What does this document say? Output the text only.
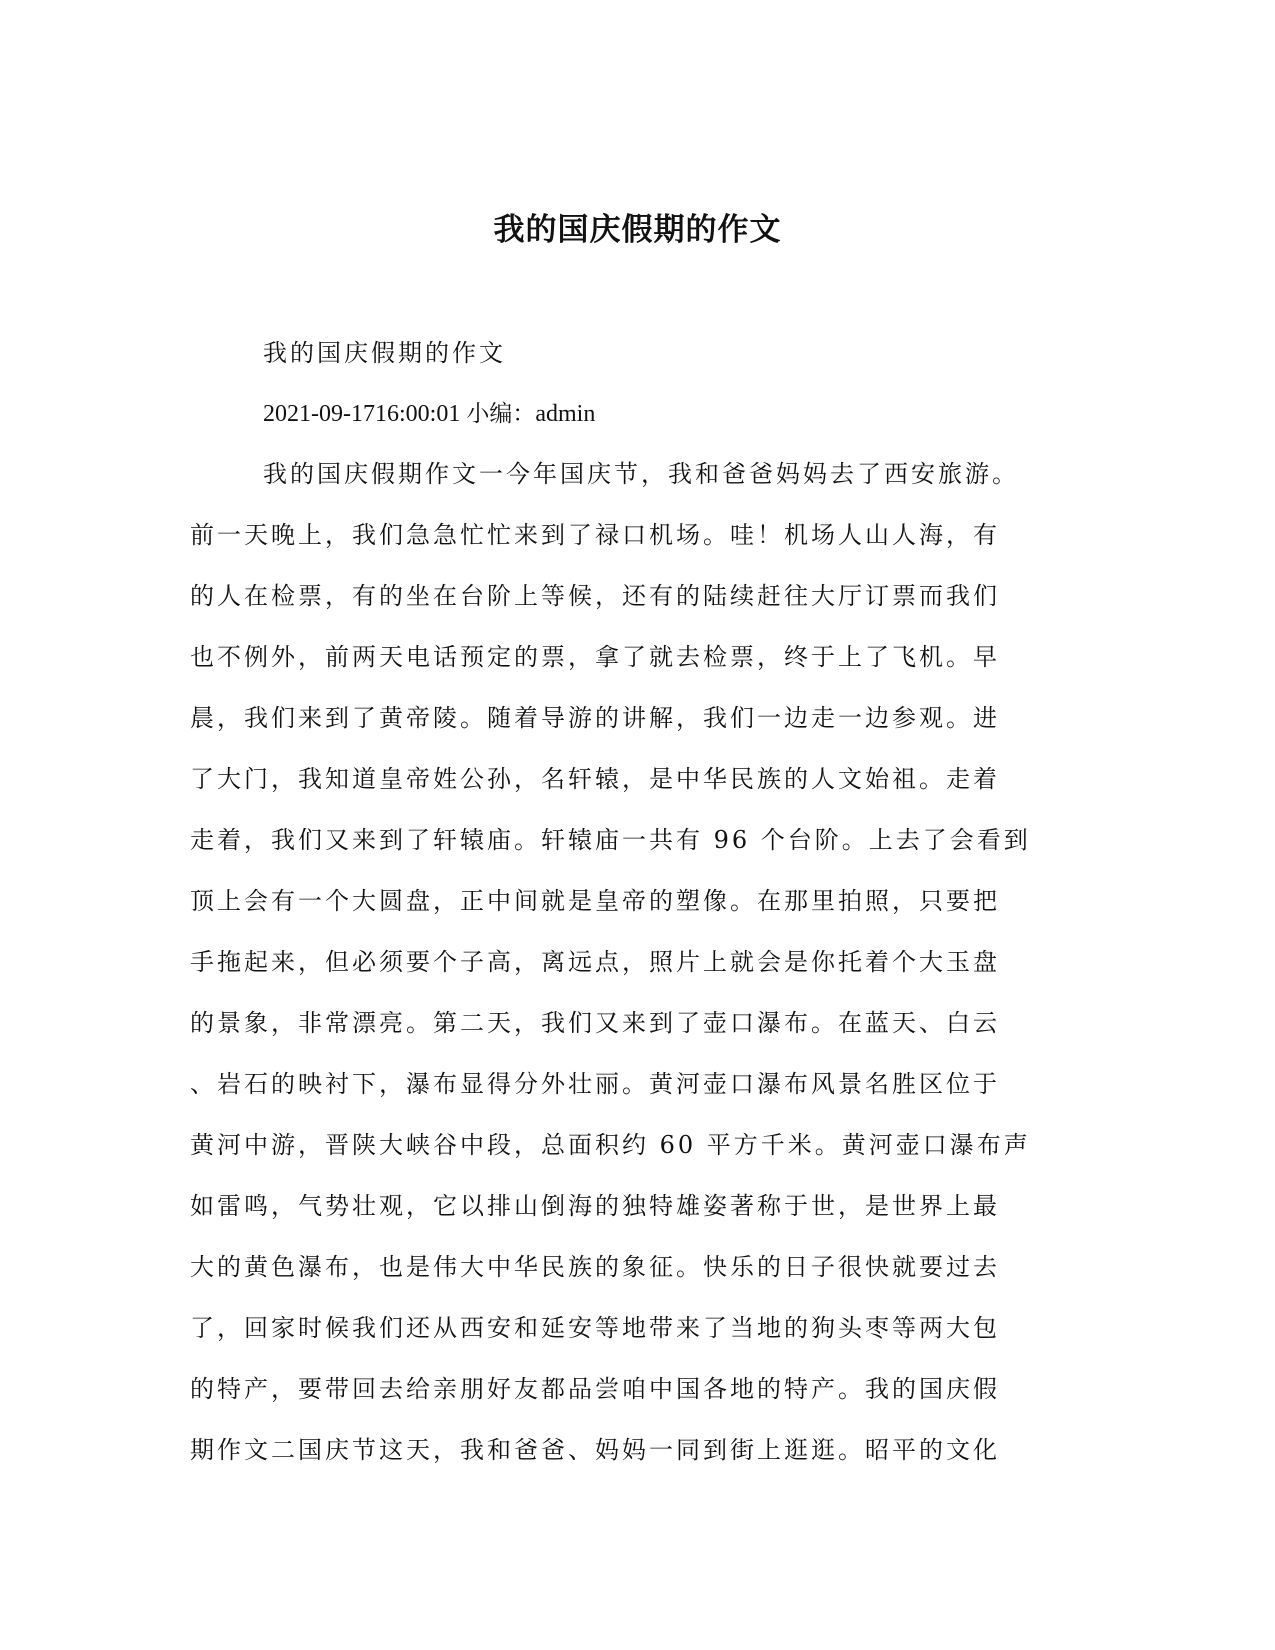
我的国庆假期的作文
我的国庆假期的作文
2021-09-1716:00:01 小编：admin
我的国庆假期作文一今年国庆节，我和爸爸妈妈去了西安旅游。
前一天晚上，我们急急忙忙来到了禄口机场。哇！机场人山人海，有
的人在检票，有的坐在台阶上等候，还有的陆续赶往大厅订票而我们
也不例外，前两天电话预定的票，拿了就去检票，终于上了飞机。早
晨，我们来到了黄帝陵。随着导游的讲解，我们一边走一边参观。进
了大门，我知道皇帝姓公孙，名轩辕，是中华民族的人文始祖。走着
走着，我们又来到了轩辕庙。轩辕庙一共有 96 个台阶。上去了会看到
顶上会有一个大圆盘，正中间就是皇帝的塑像。在那里拍照，只要把
手拖起来，但必须要个子高，离远点，照片上就会是你托着个大玉盘
的景象，非常漂亮。第二天，我们又来到了壶口瀑布。在蓝天、白云
、岩石的映衬下，瀑布显得分外壮丽。黄河壶口瀑布风景名胜区位于
黄河中游，晋陕大峡谷中段，总面积约 60 平方千米。黄河壶口瀑布声
如雷鸣，气势壮观，它以排山倒海的独特雄姿著称于世，是世界上最
大的黄色瀑布，也是伟大中华民族的象征。快乐的日子很快就要过去
了，回家时候我们还从西安和延安等地带来了当地的狗头枣等两大包
的特产，要带回去给亲朋好友都品尝咱中国各地的特产。我的国庆假
期作文二国庆节这天，我和爸爸、妈妈一同到街上逛逛。昭平的文化
